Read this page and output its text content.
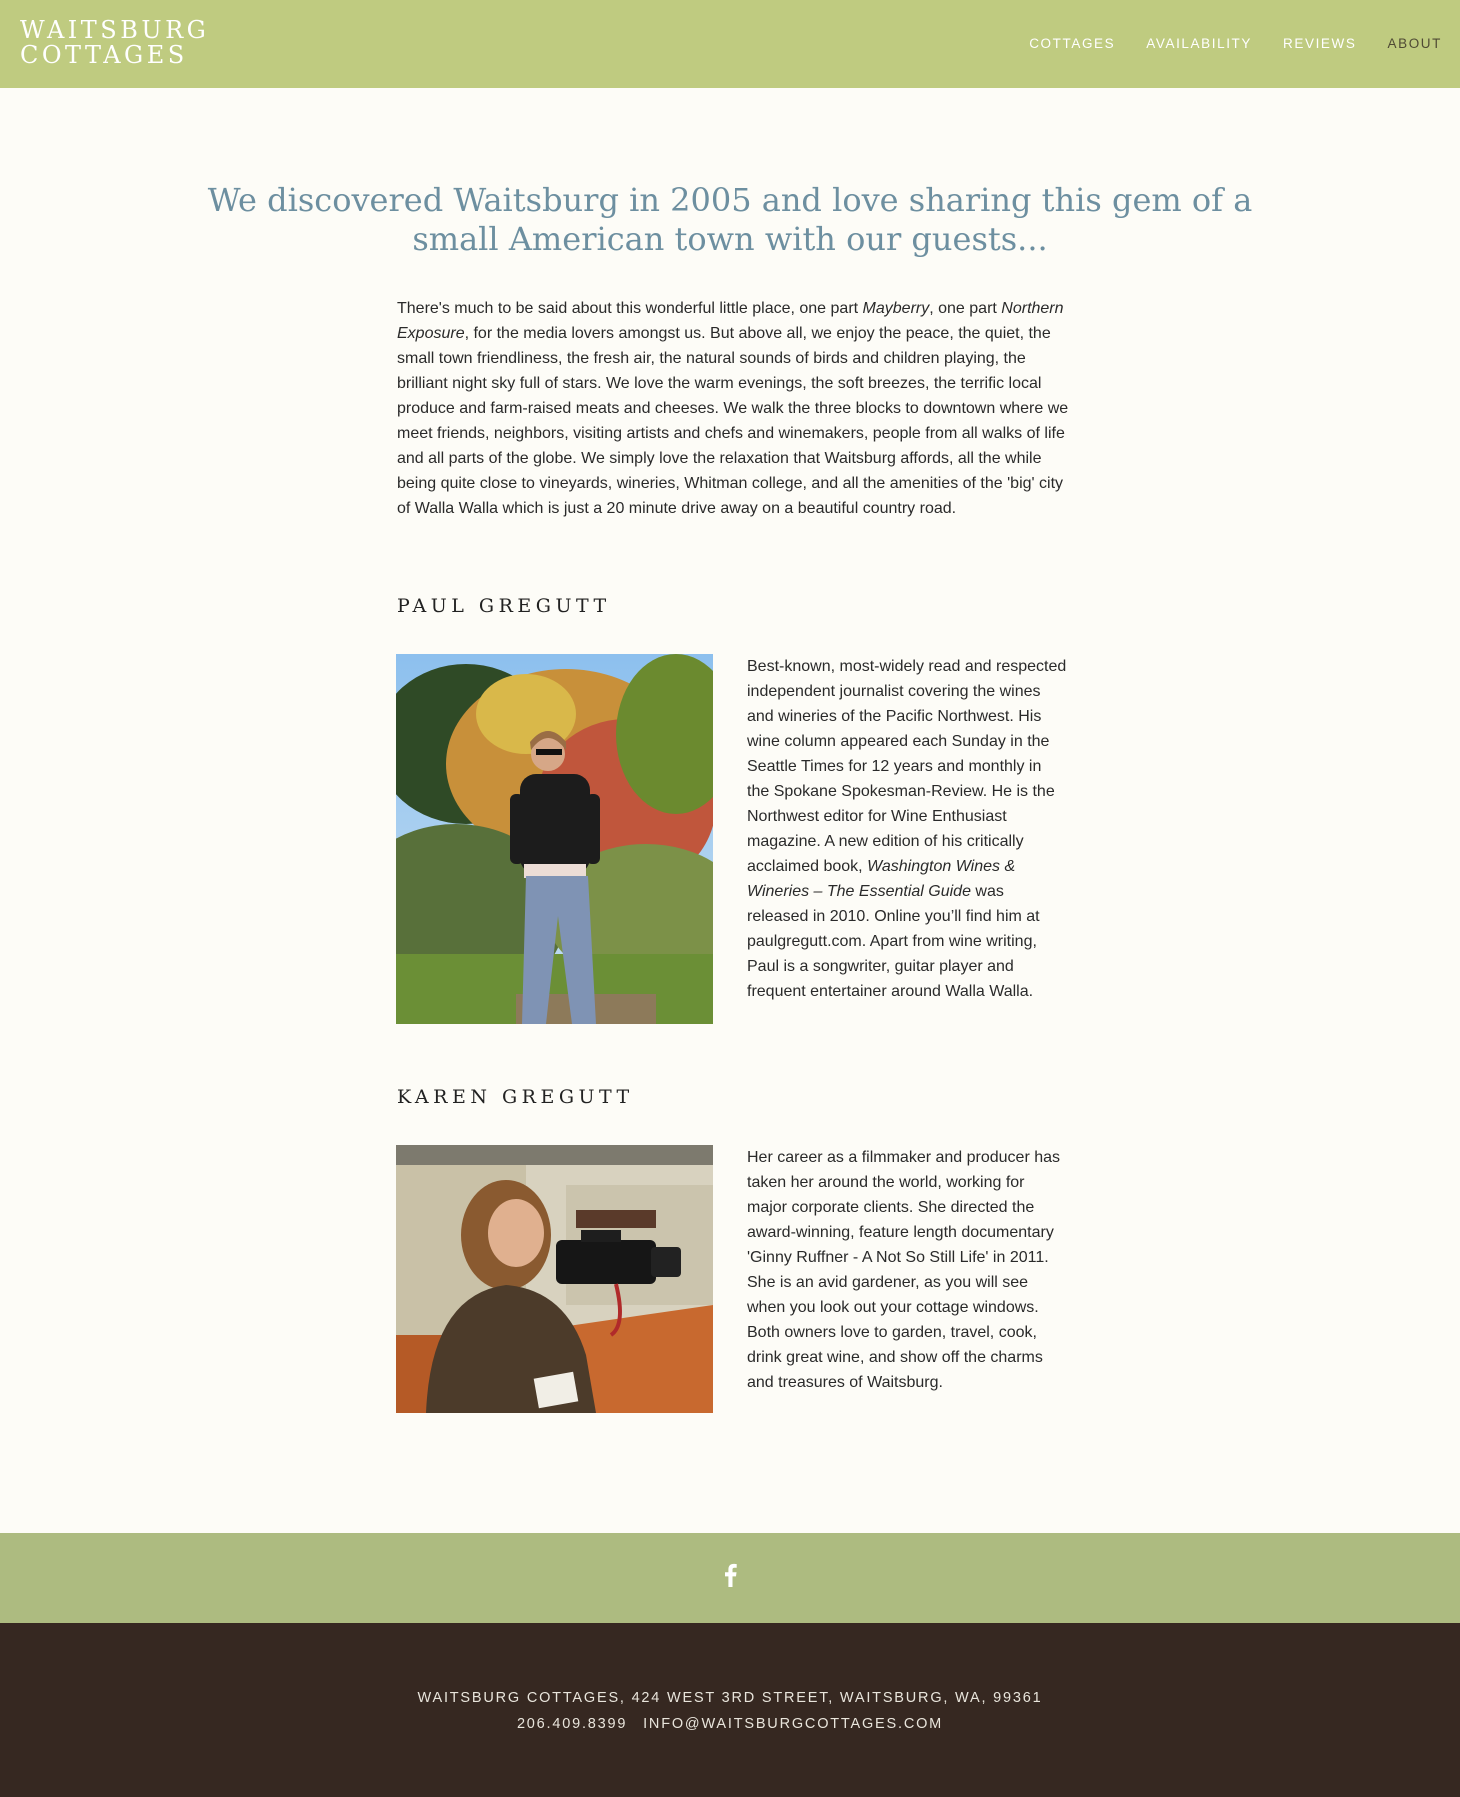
WAITSBURG
COTTAGES	COTTAGES AVAILABILITY REVIEWS ABOUT
We discovered Waitsburg in 2005 and love sharing this gem of a small American town with our guests...

There's much to be said about this wonderful little place, one part Mayberry, one part Northern Exposure, for the media lovers amongst us. But above all, we enjoy the peace, the quiet, the small town friendliness, the fresh air, the natural sounds of birds and children playing, the brilliant night sky full of stars. We love the warm evenings, the soft breezes, the terrific local produce and farm-raised meats and cheeses. We walk the three blocks to downtown where we meet friends, neighbors, visiting artists and chefs and winemakers, people from all walks of life and all parts of the globe. We simply love the relaxation that Waitsburg affords, all the while being quite close to vineyards, wineries, Whitman college, and all the amenities of the 'big' city of Walla Walla which is just a 20 minute drive away on a beautiful country road.

PAUL GREGUTT

Best-known, most-widely read and respected independent journalist covering the wines and wineries of the Pacific Northwest. His wine column appeared each Sunday in the Seattle Times for 12 years and monthly in the Spokane Spokesman-Review. He is the Northwest editor for Wine Enthusiast magazine. A new edition of his critically acclaimed book, Washington Wines & Wineries – The Essential Guide was released in 2010. Online you’ll find him at paulgregutt.com. Apart from wine writing, Paul is a songwriter, guitar player and frequent entertainer around Walla Walla.

KAREN GREGUTT

Her career as a filmmaker and producer has taken her around the world, working for major corporate clients. She directed the award-winning, feature length documentary 'Ginny Ruffner - A Not So Still Life' in 2011. She is an avid gardener, as you will see when you look out your cottage windows. Both owners love to garden, travel, cook, drink great wine, and show off the charms and treasures of Waitsburg.

WAITSBURG COTTAGES, 424 WEST 3RD STREET, WAITSBURG, WA, 99361
206.409.8399 INFO@WAITSBURGCOTTAGES.COM
